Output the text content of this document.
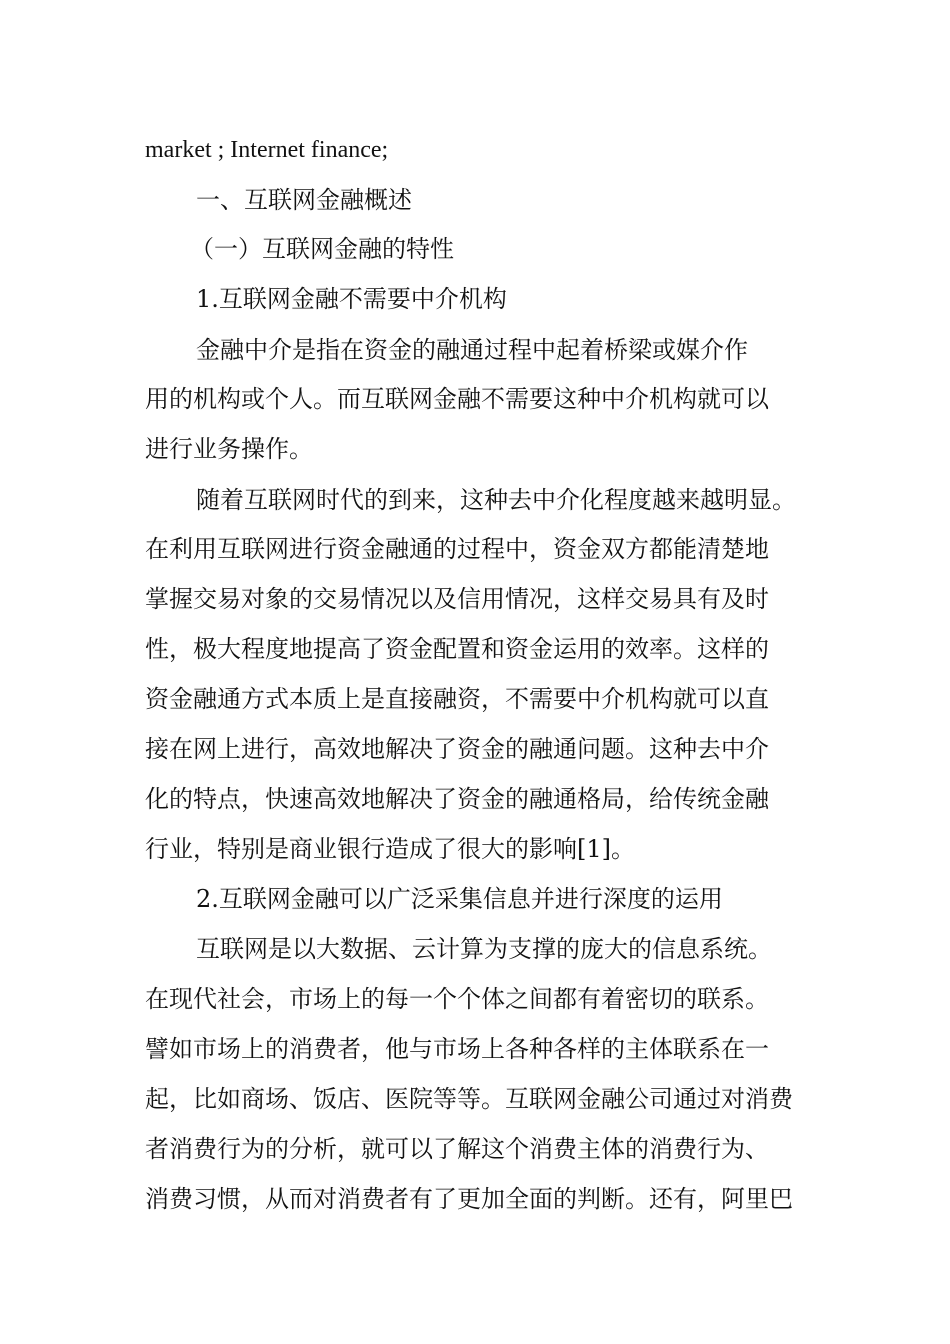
market ; Internet finance;
一、互联网金融概述
（一）互联网金融的特性
1.互联网金融不需要中介机构
金融中介是指在资金的融通过程中起着桥梁或媒介作
用的机构或个人。而互联网金融不需要这种中介机构就可以
进行业务操作。
随着互联网时代的到来，这种去中介化程度越来越明显。
在利用互联网进行资金融通的过程中，资金双方都能清楚地
掌握交易对象的交易情况以及信用情况，这样交易具有及时
性，极大程度地提高了资金配置和资金运用的效率。这样的
资金融通方式本质上是直接融资，不需要中介机构就可以直
接在网上进行，高效地解决了资金的融通问题。这种去中介
化的特点，快速高效地解决了资金的融通格局，给传统金融
行业，特别是商业银行造成了很大的影响[1]。
2.互联网金融可以广泛采集信息并进行深度的运用
互联网是以大数据、云计算为支撑的庞大的信息系统。
在现代社会，市场上的每一个个体之间都有着密切的联系。
譬如市场上的消费者，他与市场上各种各样的主体联系在一
起，比如商场、饭店、医院等等。互联网金融公司通过对消费
者消费行为的分析，就可以了解这个消费主体的消费行为、
消费习惯，从而对消费者有了更加全面的判断。还有，阿里巴
